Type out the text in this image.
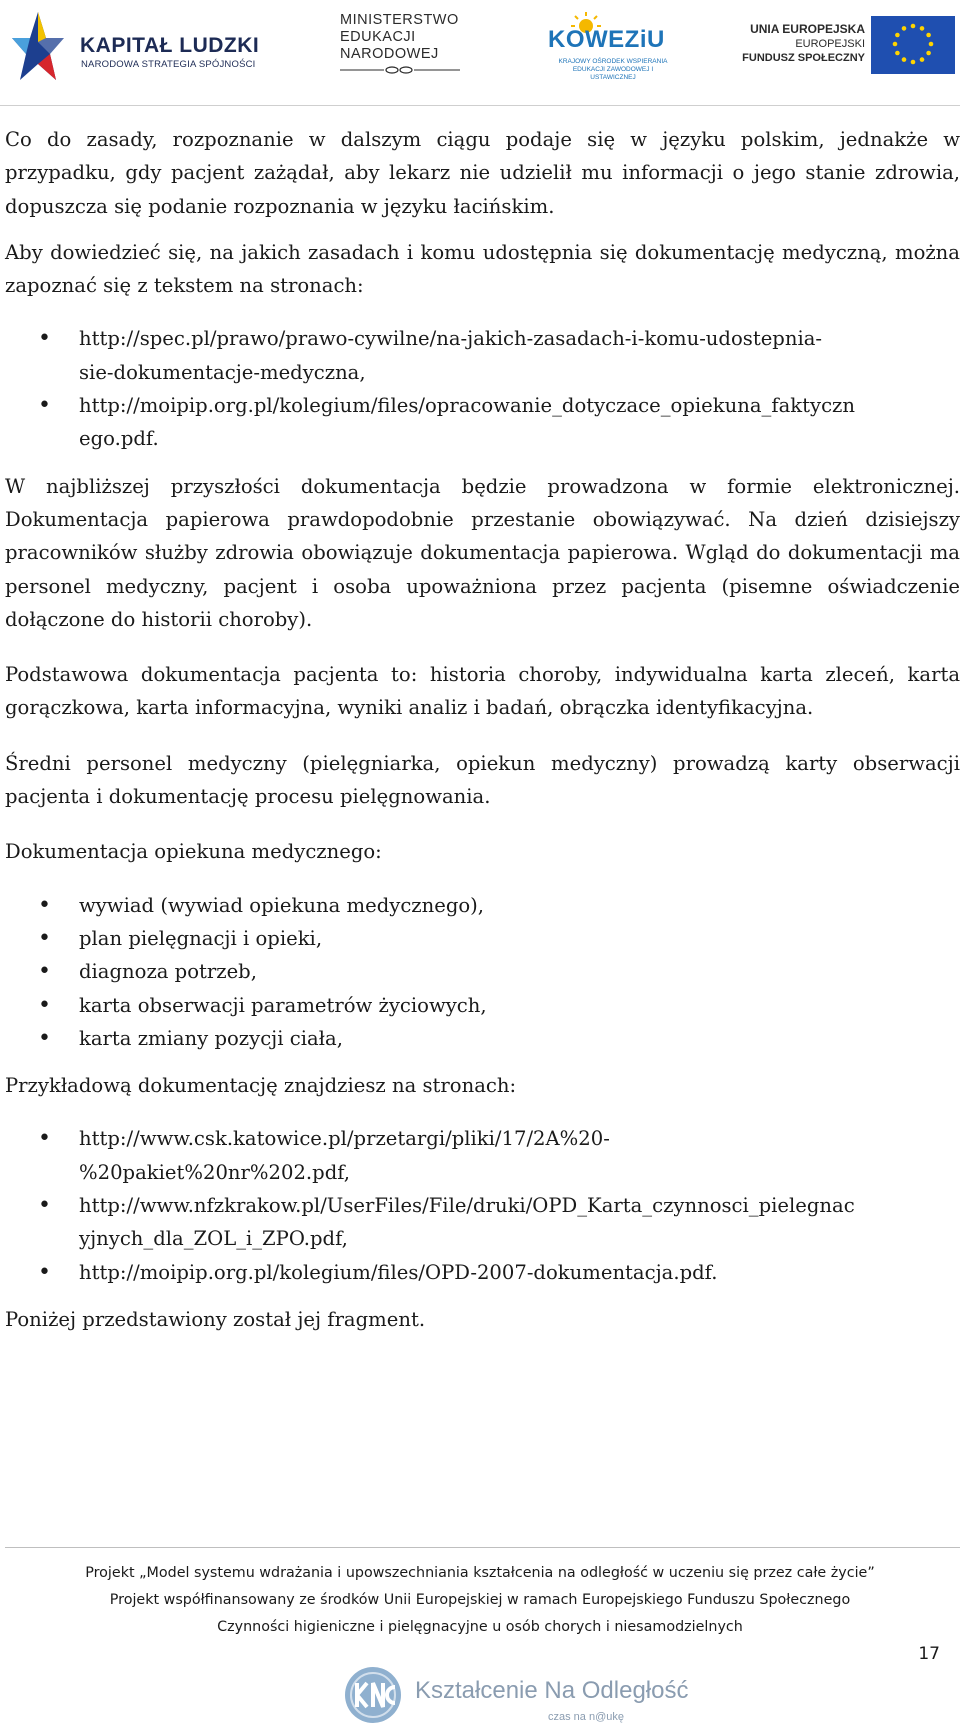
KAPITAŁ LUDZKI
NARODOWA STRATEGIA SPÓJNOŚCI
MINISTERSTWO
EDUKACJI
NARODOWEJ
KOWEZiU
KRAJOWY OŚRODEK WSPIERANIA EDUKACJI ZAWODOWEJ I USTAWICZNEJ
UNIA EUROPEJSKA
EUROPEJSKI
FUNDUSZ SPOŁECZNY

Co do zasady, rozpoznanie w dalszym ciągu podaje się w języku polskim, jednakże w przypadku, gdy pacjent zażądał, aby lekarz nie udzielił mu informacji o jego stanie zdrowia, dopuszcza się podanie rozpoznania w języku łacińskim.

Aby dowiedzieć się, na jakich zasadach i komu udostępnia się dokumentację medyczną, można zapoznać się z tekstem na stronach:

• http://spec.pl/prawo/prawo-cywilne/na-jakich-zasadach-i-komu-udostepnia-
sie-dokumentacje-medyczna,
• http://moipip.org.pl/kolegium/files/opracowanie_dotyczace_opiekuna_faktyczn
ego.pdf.

W najbliższej przyszłości dokumentacja będzie prowadzona w formie elektronicznej. Dokumentacja papierowa prawdopodobnie przestanie obowiązywać. Na dzień dzisiejszy pracowników służby zdrowia obowiązuje dokumentacja papierowa. Wgląd do dokumentacji ma personel medyczny, pacjent i osoba upoważniona przez pacjenta (pisemne oświadczenie dołączone do historii choroby).

Podstawowa dokumentacja pacjenta to: historia choroby, indywidualna karta zleceń, karta gorączkowa, karta informacyjna, wyniki analiz i badań, obrączka identyfikacyjna.

Średni personel medyczny (pielęgniarka, opiekun medyczny) prowadzą karty obserwacji pacjenta i dokumentację procesu pielęgnowania.

Dokumentacja opiekuna medycznego:

• wywiad (wywiad opiekuna medycznego),
• plan pielęgnacji i opieki,
• diagnoza potrzeb,
• karta obserwacji parametrów życiowych,
• karta zmiany pozycji ciała,

Przykładową dokumentację znajdziesz na stronach:

• http://www.csk.katowice.pl/przetargi/pliki/17/2A%20-
%20pakiet%20nr%202.pdf,
• http://www.nfzkrakow.pl/UserFiles/File/druki/OPD_Karta_czynnosci_pielegnac
yjnych_dla_ZOL_i_ZPO.pdf,
• http://moipip.org.pl/kolegium/files/OPD-2007-dokumentacja.pdf.

Poniżej przedstawiony został jej fragment.

Projekt „Model systemu wdrażania i upowszechniania kształcenia na odległość w uczeniu się przez całe życie”
Projekt współfinansowany ze środków Unii Europejskiej w ramach Europejskiego Funduszu Społecznego
Czynności higieniczne i pielęgnacyjne u osób chorych i niesamodzielnych
17
Kształcenie Na Odległość
czas na n@ukę
